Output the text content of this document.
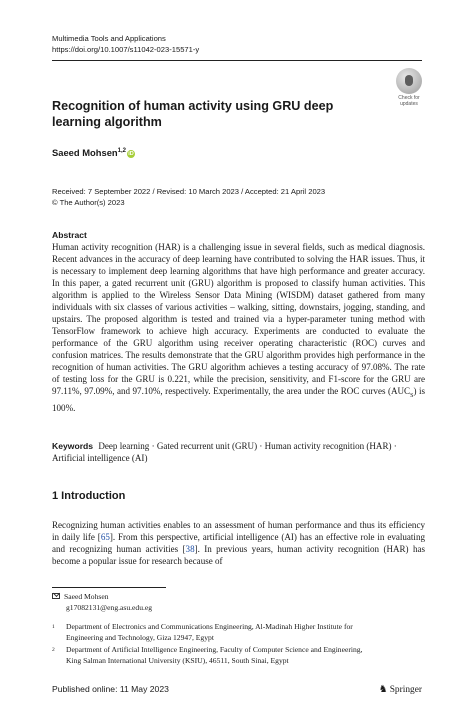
Multimedia Tools and Applications
https://doi.org/10.1007/s11042-023-15571-y
Check for
updates
Recognition of human activity using GRU deep learning algorithm
Saeed Mohsen$^{1,2}$iD
Received: 7 September 2022 / Revised: 10 March 2023 / Accepted: 21 April 2023
© The Author(s) 2023
Abstract
Human activity recognition (HAR) is a challenging issue in several fields, such as medical diagnosis. Recent advances in the accuracy of deep learning have contributed to solving the HAR issues. Thus, it is necessary to implement deep learning algorithms that have high performance and greater accuracy. In this paper, a gated recurrent unit (GRU) algorithm is proposed to classify human activities. This algorithm is applied to the Wireless Sensor Data Mining (WISDM) dataset gathered from many individuals with six classes of various activities – walking, sitting, downstairs, jogging, standing, and upstairs. The proposed algorithm is tested and trained via a hyper-parameter tuning method with TensorFlow framework to achieve high accuracy. Experiments are conducted to evaluate the performance of the GRU algorithm using receiver operating characteristic (ROC) curves and confusion matrices. The results demonstrate that the GRU algorithm provides high performance in the recognition of human activities. The GRU algorithm achieves a testing accuracy of 97.08%. The rate of testing loss for the GRU is 0.221, while the precision, sensitivity, and F1-score for the GRU are 97.11%, 97.09%, and 97.10%, respectively. Experimentally, the area under the ROC curves $(AUC_S)$ is 100%.
Keywords Deep learning · Gated recurrent unit (GRU) · Human activity recognition (HAR) · Artificial intelligence (AI)
1 Introduction
Recognizing human activities enables to an assessment of human performance and thus its efficiency in daily life [65]. From this perspective, artificial intelligence (AI) has an effective role in evaluating and recognizing human activities [38]. In previous years, human activity recognition (HAR) has become a popular issue for research because of
Saeed Mohsen
g17082131@eng.asu.edu.eg
1	Department of Electronics and Communications Engineering, Al-Madinah Higher Institute for Engineering and Technology, Giza 12947, Egypt
2	Department of Artificial Intelligence Engineering, Faculty of Computer Science and Engineering, King Salman International University (KSIU), 46511, South Sinai, Egypt
Published online: 11 May 2023	♞ Springer
